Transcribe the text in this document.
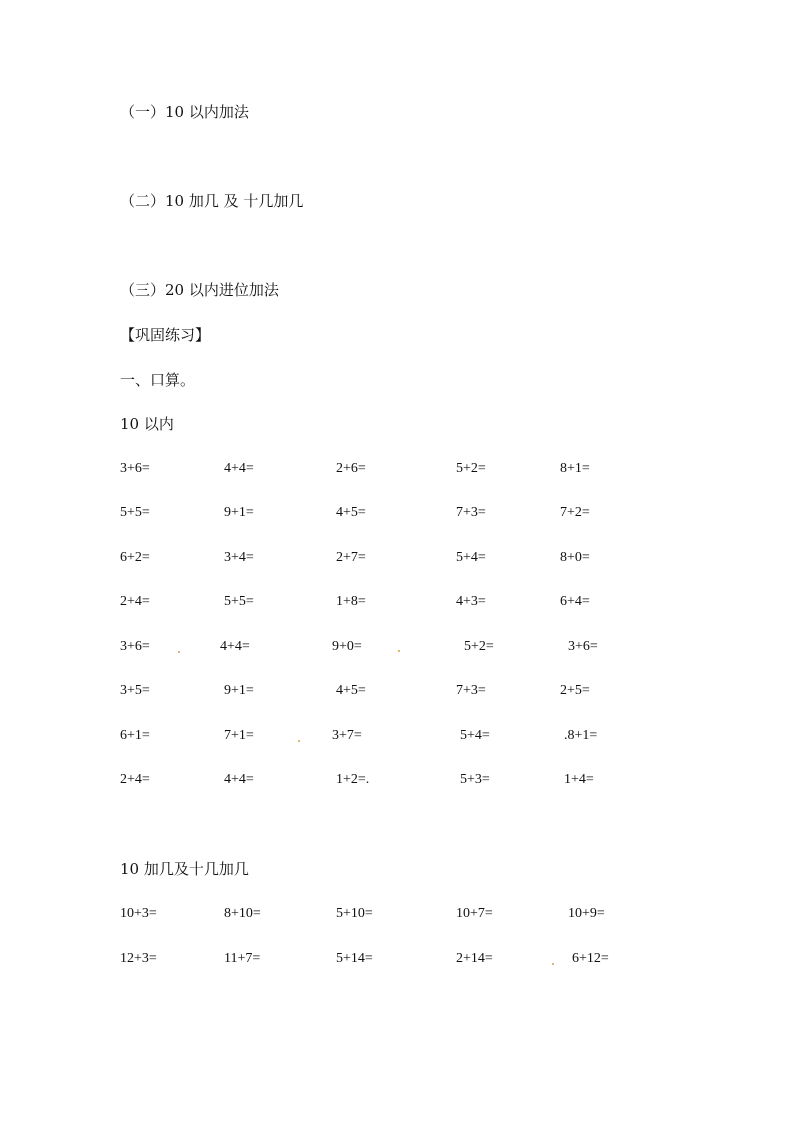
（一）10 以内加法
（二）10 加几 及 十几加几
（三）20 以内进位加法
【巩固练习】
一、口算。
10 以内
3+6=	4+4=	2+6=	5+2=	8+1=
5+5=	9+1=	4+5=	7+3=	7+2=
6+2=	3+4=	2+7=	5+4=	8+0=
2+4=	5+5=	1+8=	4+3=	6+4=
3+6=	4+4=	9+0=	5+2=	3+6=
3+5=	9+1=	4+5=	7+3=	2+5=
6+1=	7+1=	3+7=	5+4=	.8+1=
2+4=	4+4=	1+2=.	5+3=	1+4=
10 加几及十几加几
10+3=	8+10=	5+10=	10+7=	10+9=
12+3=	11+7=	5+14=	2+14=	6+12=
